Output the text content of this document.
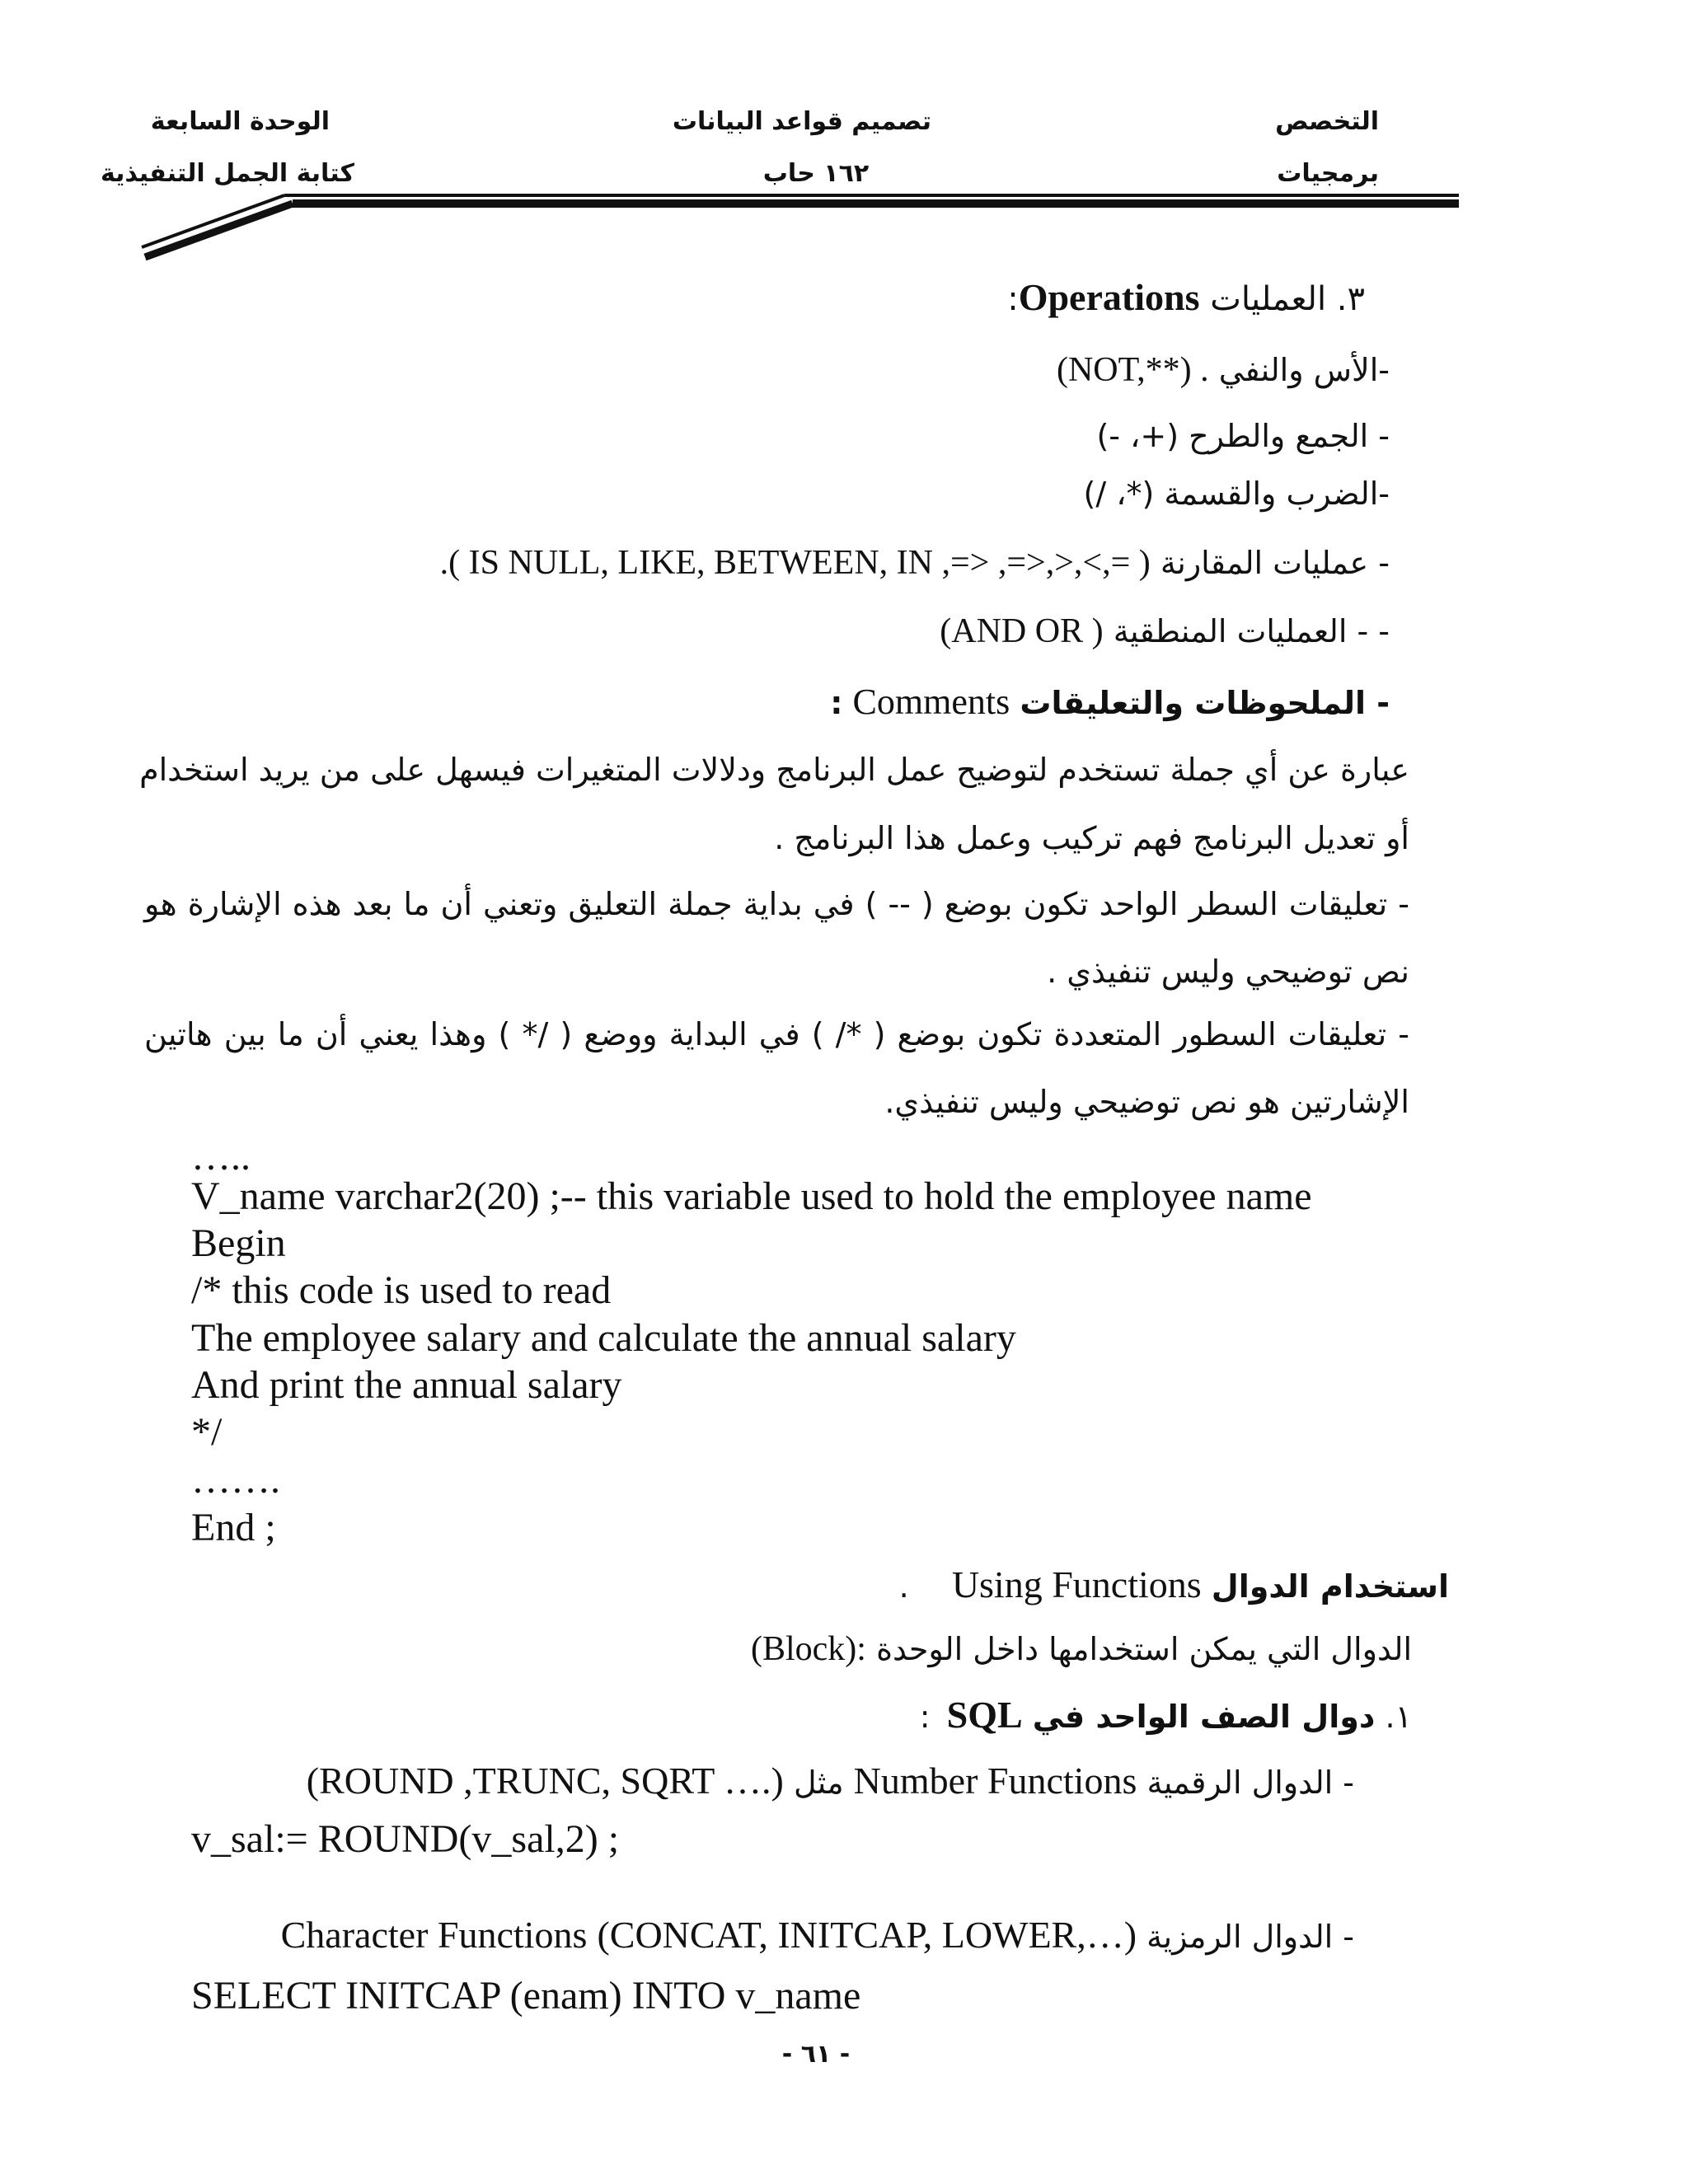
التخصص
برمجيات
تصميم قواعد البيانات
١٦٢ حاب
الوحدة السابعة
كتابة الجمل التنفيذية
٣. العمليات Operations:
-الأس والنفي (NOT,**) .
- الجمع والطرح (+، -)
-الضرب والقسمة (*، /)
- عمليات المقارنة ( =,>,<,<=, <=, IS NULL, LIKE, BETWEEN, IN ).
- - العمليات المنطقية ( AND OR)
- الملحوظات والتعليقات Comments :
عبارة عن أي جملة تستخدم لتوضيح عمل البرنامج ودلالات المتغيرات فيسهل على من يريد استخدام
أو تعديل البرنامج فهم تركيب وعمل هذا البرنامج .
- تعليقات السطر الواحد تكون بوضع ( -- ) في بداية جملة التعليق وتعني أن ما بعد هذه الإشارة هو
نص توضيحي وليس تنفيذي .
- تعليقات السطور المتعددة تكون بوضع ( */ ) في البداية ووضع ( /* ) وهذا يعني أن ما بين هاتين
الإشارتين هو نص توضيحي وليس تنفيذي.
…..
V_name varchar2(20) ;-- this variable used to hold the employee name
Begin
/* this code is used to read
The employee salary and calculate the annual salary
And print the annual salary
*/
…….
End ;
استخدام الدوال Using Functions .
الدوال التي يمكن استخدامها داخل الوحدة (Block):
١. دوال الصف الواحد في SQL :
- الدوال الرقمية Number Functions مثل (ROUND ,TRUNC, SQRT ….)
v_sal:= ROUND(v_sal,2) ;
- الدوال الرمزية Character Functions (CONCAT, INITCAP, LOWER,…)
SELECT INITCAP (enam) INTO v_name
- ٦١ -
